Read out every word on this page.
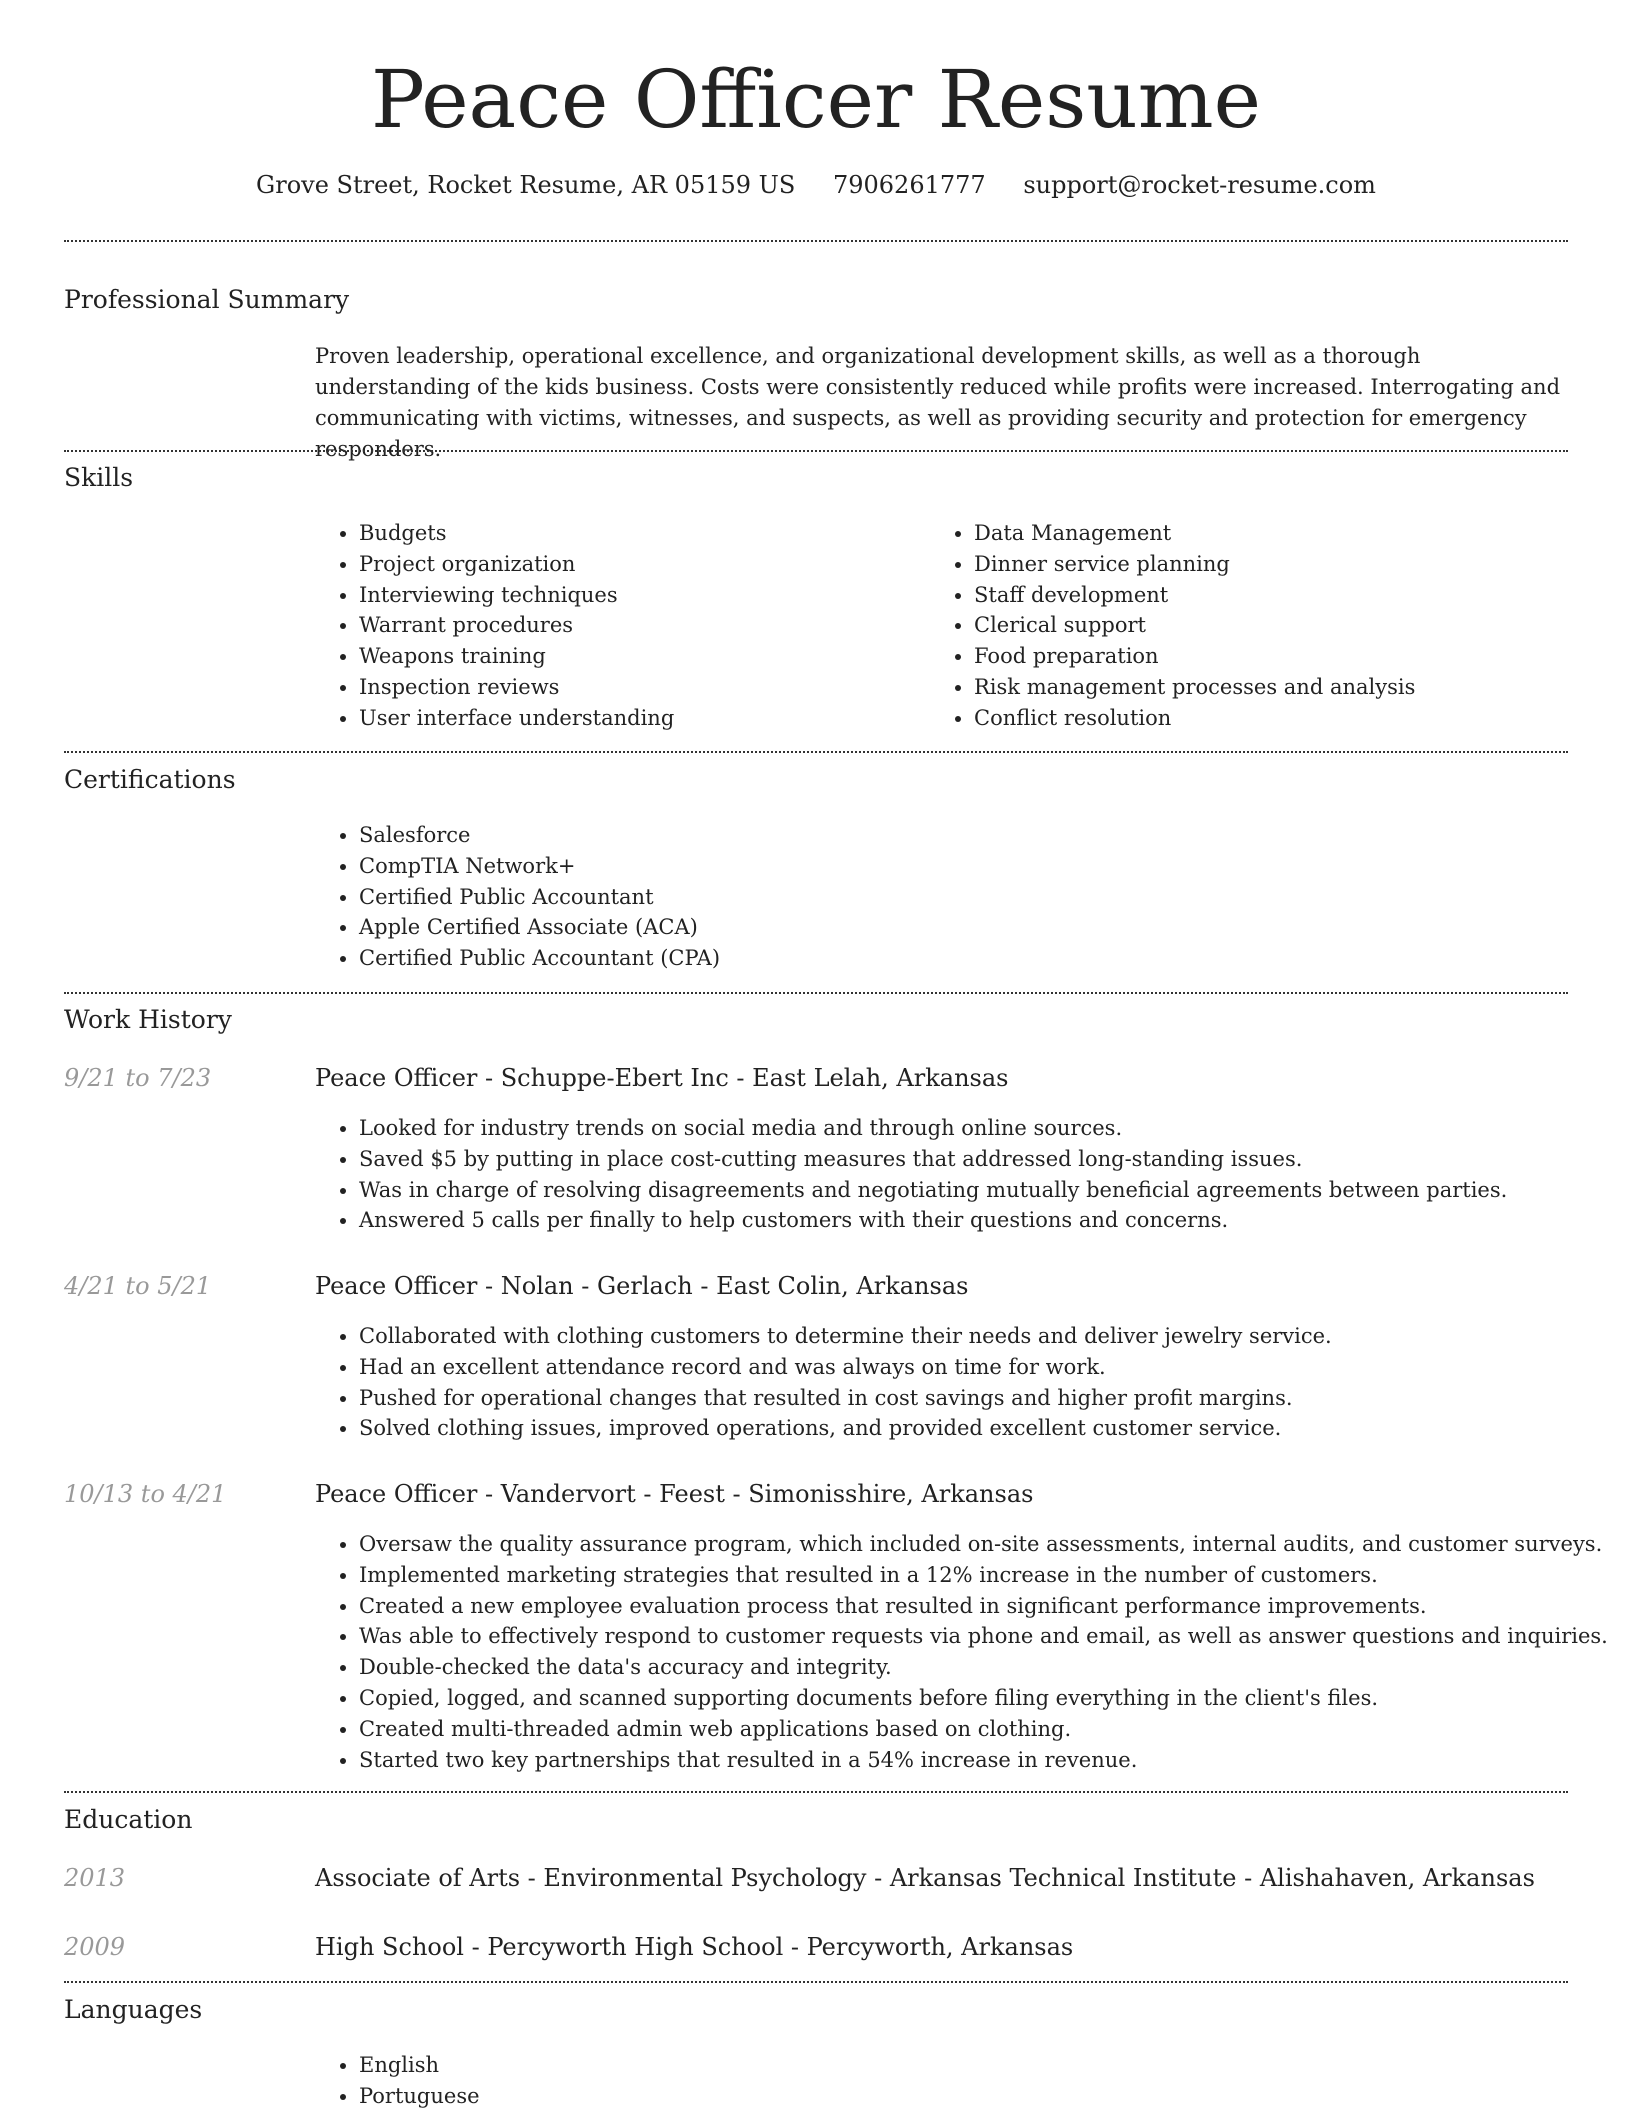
Peace Officer Resume
Grove Street, Rocket Resume, AR 05159 US 7906261777 support@rocket-resume.com
Professional Summary

Proven leadership, operational excellence, and organizational development skills, as well as a thorough understanding of the kids business. Costs were consistently reduced while profits were increased. Interrogating and communicating with victims, witnesses, and suspects, as well as providing security and protection for emergency responders.

Skills
• Budgets
• Project organization
• Interviewing techniques
• Warrant procedures
• Weapons training
• Inspection reviews
• User interface understanding
• Data Management
• Dinner service planning
• Staff development
• Clerical support
• Food preparation
• Risk management processes and analysis
• Conflict resolution
Certifications
• Salesforce
• CompTIA Network+
• Certified Public Accountant
• Apple Certified Associate (ACA)
• Certified Public Accountant (CPA)
Work History
9/21 to 7/23	Peace Officer - Schuppe-Ebert Inc - East Lelah, Arkansas
• Looked for industry trends on social media and through online sources.
• Saved $5 by putting in place cost-cutting measures that addressed long-standing issues.
• Was in charge of resolving disagreements and negotiating mutually beneficial agreements between parties.
• Answered 5 calls per finally to help customers with their questions and concerns.
4/21 to 5/21	Peace Officer - Nolan - Gerlach - East Colin, Arkansas
• Collaborated with clothing customers to determine their needs and deliver jewelry service.
• Had an excellent attendance record and was always on time for work.
• Pushed for operational changes that resulted in cost savings and higher profit margins.
• Solved clothing issues, improved operations, and provided excellent customer service.
10/13 to 4/21	Peace Officer - Vandervort - Feest - Simonisshire, Arkansas
• Oversaw the quality assurance program, which included on-site assessments, internal audits, and customer surveys.
• Implemented marketing strategies that resulted in a 12% increase in the number of customers.
• Created a new employee evaluation process that resulted in significant performance improvements.
• Was able to effectively respond to customer requests via phone and email, as well as answer questions and inquiries.
• Double-checked the data's accuracy and integrity.
• Copied, logged, and scanned supporting documents before filing everything in the client's files.
• Created multi-threaded admin web applications based on clothing.
• Started two key partnerships that resulted in a 54% increase in revenue.
Education
2013	Associate of Arts - Environmental Psychology - Arkansas Technical Institute - Alishahaven, Arkansas
2009	High School - Percyworth High School - Percyworth, Arkansas
Languages
• English
• Portuguese
